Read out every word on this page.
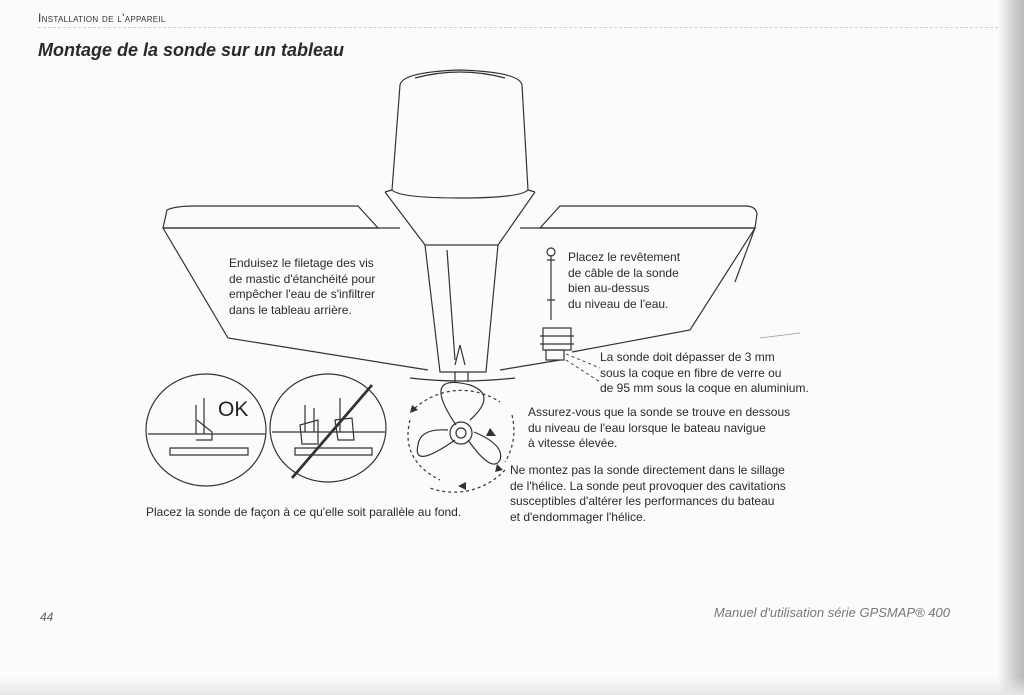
Installation de l'appareil
Montage de la sonde sur un tableau
OK
Enduisez le filetage des vis
de mastic d'étanchéité pour
empêcher l'eau de s'infiltrer
dans le tableau arrière.
Placez le revêtement
de câble de la sonde
bien au-dessus
du niveau de l'eau.
La sonde doit dépasser de 3 mm
sous la coque en fibre de verre ou
de 95 mm sous la coque en aluminium.
Assurez-vous que la sonde se trouve en dessous
du niveau de l'eau lorsque le bateau navigue
à vitesse élevée.
Ne montez pas la sonde directement dans le sillage
de l'hélice. La sonde peut provoquer des cavitations
susceptibles d'altérer les performances du bateau
et d'endommager l'hélice.
Placez la sonde de façon à ce qu'elle soit parallèle au fond.
44	Manuel d'utilisation série GPSMAP® 400
